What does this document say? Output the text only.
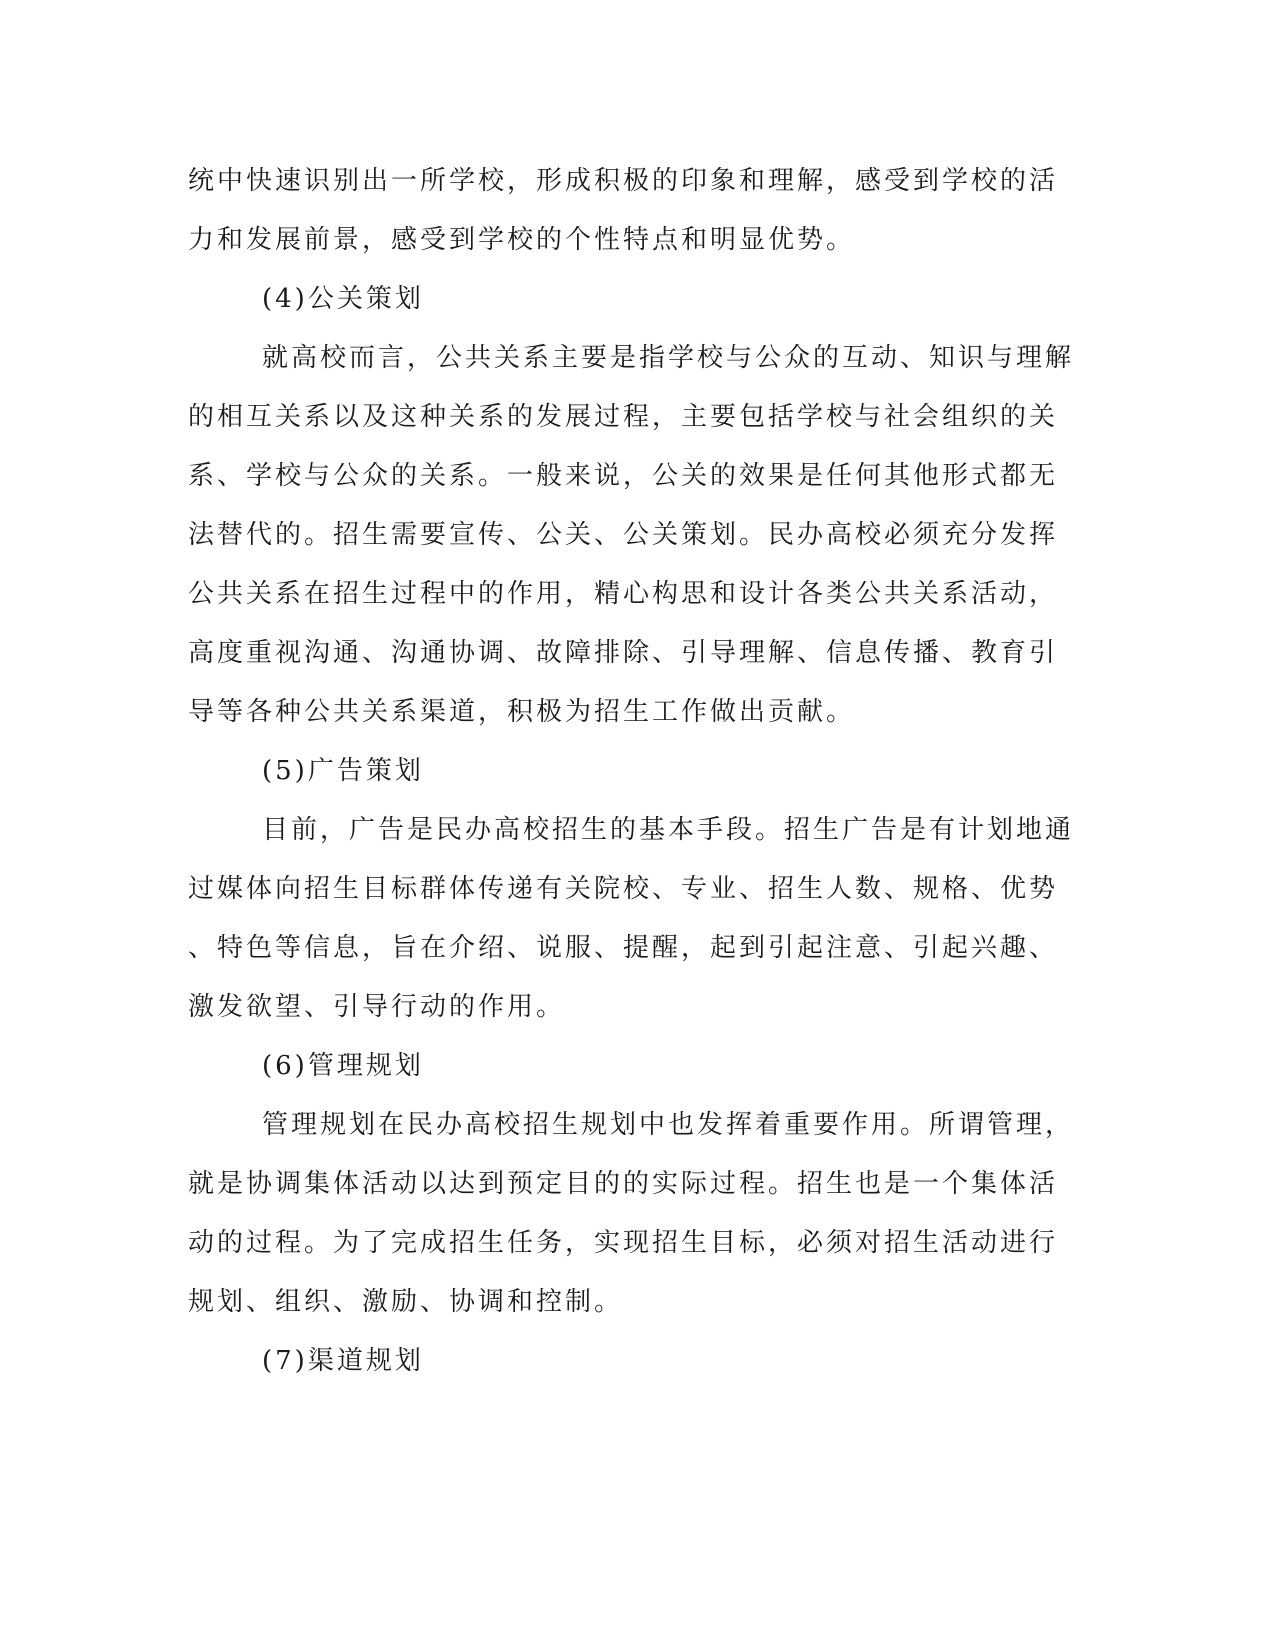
统中快速识别出一所学校，形成积极的印象和理解，感受到学校的活
力和发展前景，感受到学校的个性特点和明显优势。
(4)公关策划
就高校而言，公共关系主要是指学校与公众的互动、知识与理解
的相互关系以及这种关系的发展过程，主要包括学校与社会组织的关
系、学校与公众的关系。一般来说，公关的效果是任何其他形式都无
法替代的。招生需要宣传、公关、公关策划。民办高校必须充分发挥
公共关系在招生过程中的作用，精心构思和设计各类公共关系活动，
高度重视沟通、沟通协调、故障排除、引导理解、信息传播、教育引
导等各种公共关系渠道，积极为招生工作做出贡献。
(5)广告策划
目前，广告是民办高校招生的基本手段。招生广告是有计划地通
过媒体向招生目标群体传递有关院校、专业、招生人数、规格、优势
、特色等信息，旨在介绍、说服、提醒，起到引起注意、引起兴趣、
激发欲望、引导行动的作用。
(6)管理规划
管理规划在民办高校招生规划中也发挥着重要作用。所谓管理，
就是协调集体活动以达到预定目的的实际过程。招生也是一个集体活
动的过程。为了完成招生任务，实现招生目标，必须对招生活动进行
规划、组织、激励、协调和控制。
(7)渠道规划
